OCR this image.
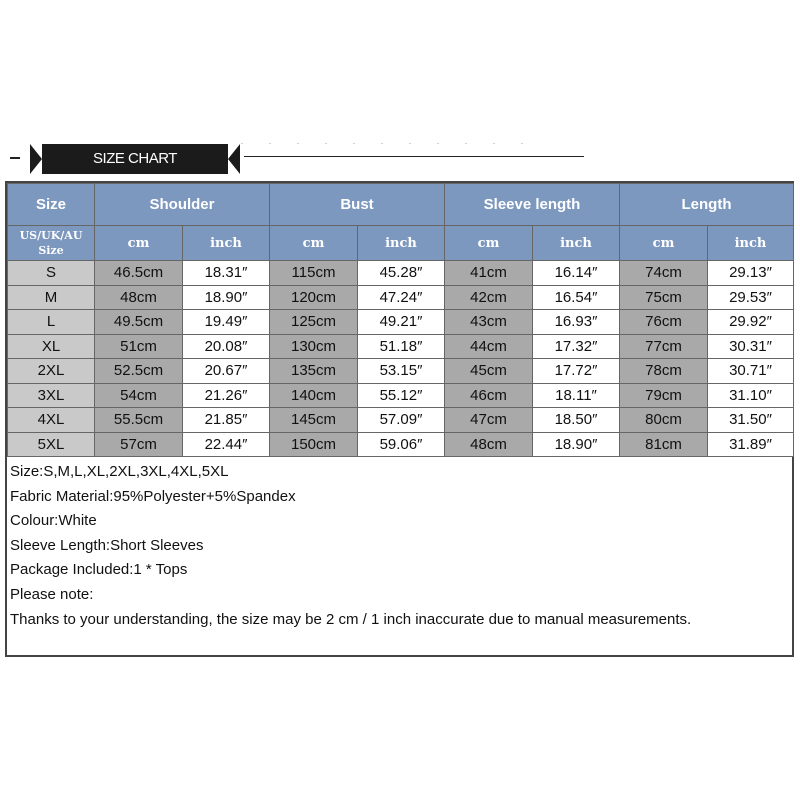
SIZE CHART
Size	Shoulder		Bust		Sleeve length		Length	
US/UK/AU
Size	cm	inch	cm	inch	cm	inch	cm	inch
S	46.5cm	18.31″	115cm	45.28″	41cm	16.14″	74cm	29.13″
M	48cm	18.90″	120cm	47.24″	42cm	16.54″	75cm	29.53″
L	49.5cm	19.49″	125cm	49.21″	43cm	16.93″	76cm	29.92″
XL	51cm	20.08″	130cm	51.18″	44cm	17.32″	77cm	30.31″
2XL	52.5cm	20.67″	135cm	53.15″	45cm	17.72″	78cm	30.71″
3XL	54cm	21.26″	140cm	55.12″	46cm	18.11″	79cm	31.10″
4XL	55.5cm	21.85″	145cm	57.09″	47cm	18.50″	80cm	31.50″
5XL	57cm	22.44″	150cm	59.06″	48cm	18.90″	81cm	31.89″
Size:S,M,L,XL,2XL,3XL,4XL,5XL
Fabric Material:95%Polyester+5%Spandex
Colour:White
Sleeve Length:Short Sleeves
Package Included:1 * Tops
Please note:
Thanks to your understanding, the size may be 2 cm / 1 inch inaccurate due to manual measurements.
